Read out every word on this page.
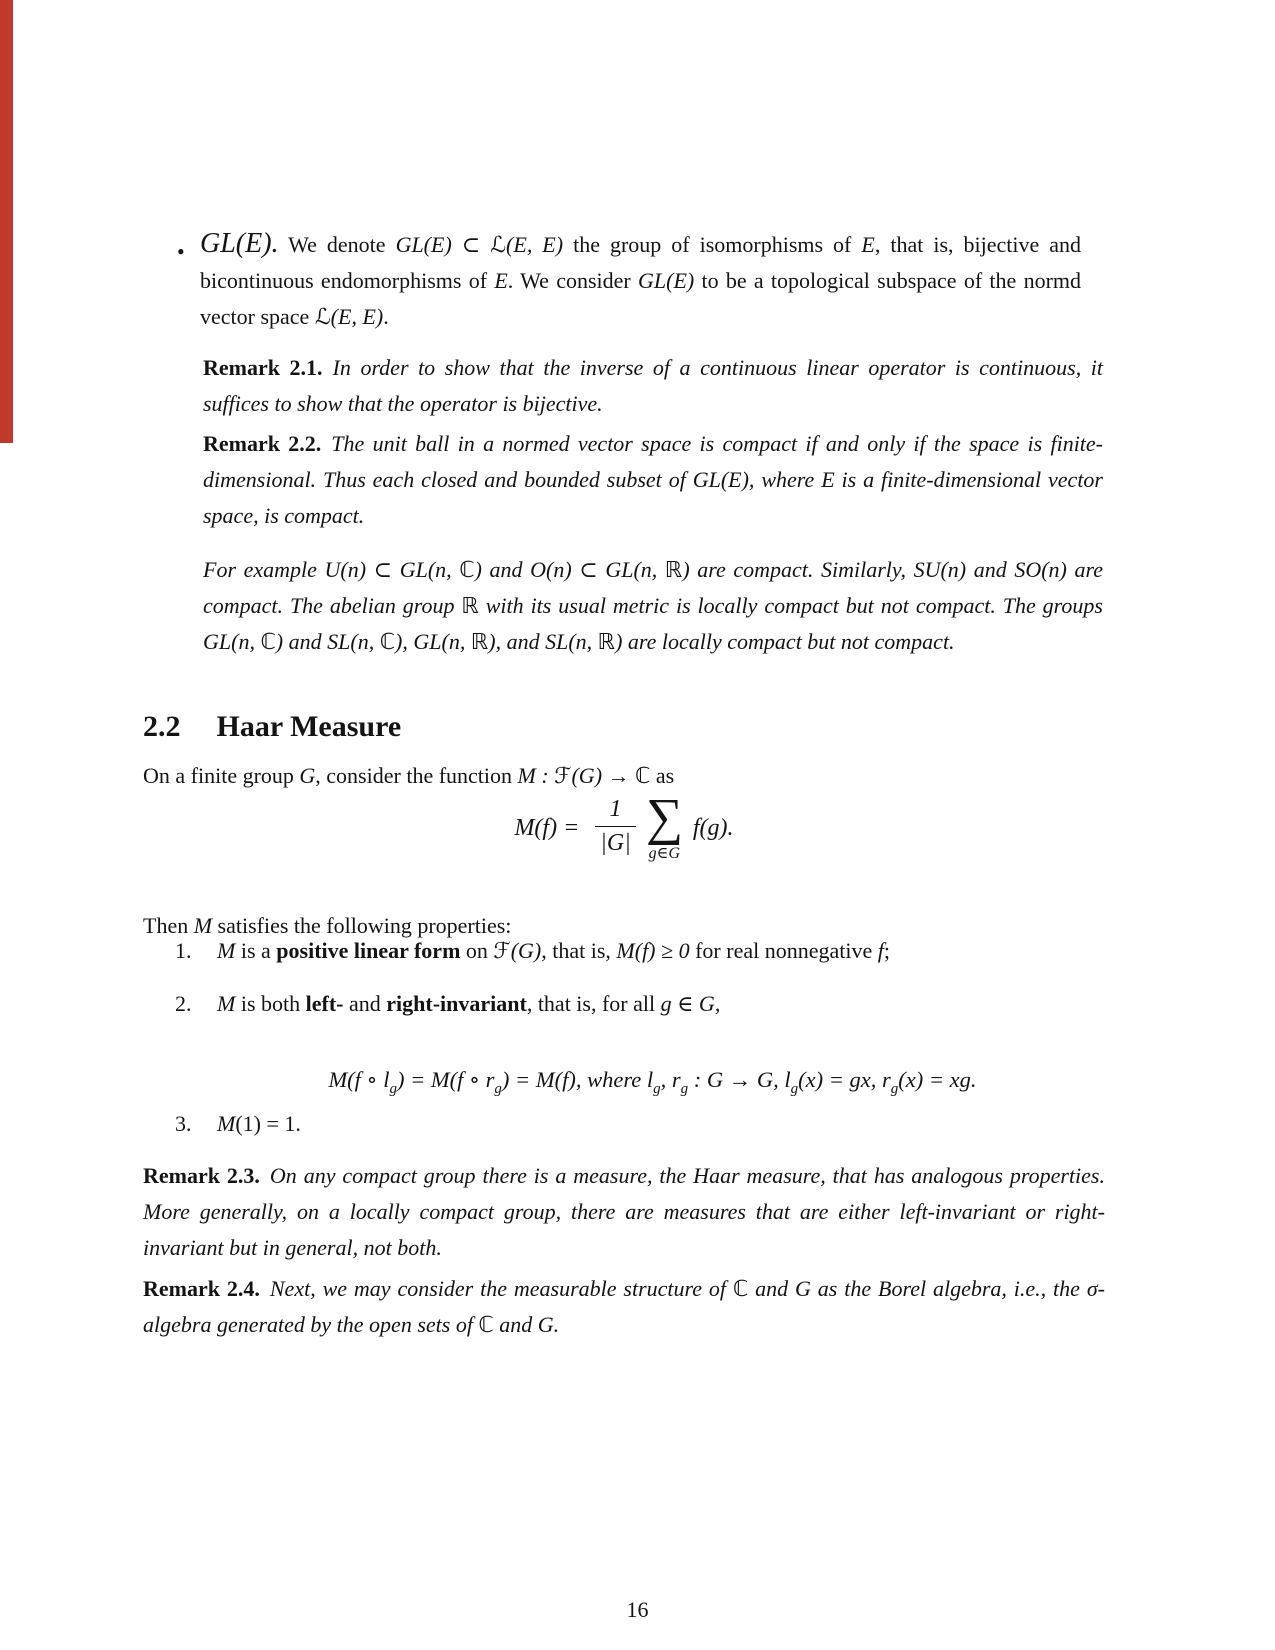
• GL(E). We denote GL(E) ⊂ ℒ(E, E) the group of isomorphisms of E, that is, bijective and bicontinuous endomorphisms of E. We consider GL(E) to be a topological subspace of the normd vector space ℒ(E, E).

Remark 2.1. In order to show that the inverse of a continuous linear operator is continuous, it suffices to show that the operator is bijective.

Remark 2.2. The unit ball in a normed vector space is compact if and only if the space is finite-dimensional. Thus each closed and bounded subset of GL(E), where E is a finite-dimensional vector space, is compact.

For example U(n) ⊂ GL(n, ℂ) and O(n) ⊂ GL(n, ℝ) are compact. Similarly, SU(n) and SO(n) are compact. The abelian group ℝ with its usual metric is locally compact but not compact. The groups GL(n, ℂ) and SL(n, ℂ), GL(n, ℝ), and SL(n, ℝ) are locally compact but not compact.

2.2 Haar Measure

On a finite group G, consider the function M : ℱ(G) → ℂ as

$M(f) = \frac{1}{|G|}$ ∑
g∈G
f(g).

Then M satisfies the following properties:

1. M is a positive linear form on ℱ(G), that is, M(f) ≥ 0 for real nonnegative f;
2. M is both left- and right-invariant, that is, for all g ∈ G,

M(f ∘ $l_g) = M(f$ ∘ $r_g) = M(f)$, where $l_g$, $r_g$ : G → G, $l_g(x)$ = gx, $r_g(x)$ = xg.

3. M(1) = 1.

Remark 2.3. On any compact group there is a measure, the Haar measure, that has analogous properties. More generally, on a locally compact group, there are measures that are either left-invariant or right-invariant but in general, not both.

Remark 2.4. Next, we may consider the measurable structure of ℂ and G as the Borel algebra, i.e., the σ-algebra generated by the open sets of ℂ and G.

16
